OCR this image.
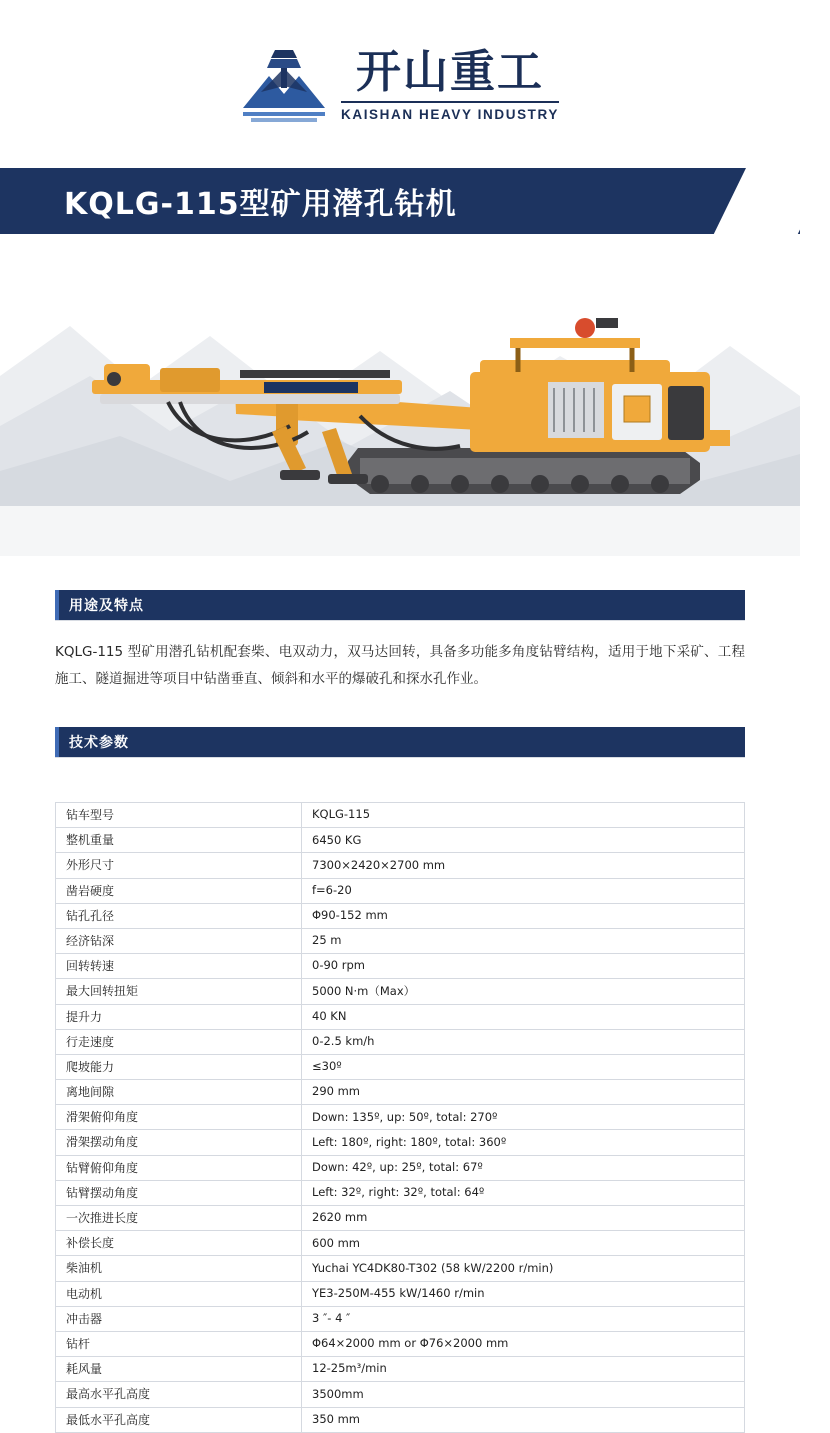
开山重工
KAISHAN HEAVY INDUSTRY
KQLG-115型矿用潜孔钻机
用途及特点

KQLG-115 型矿用潜孔钻机配套柴、电双动力，双马达回转，具备多功能多角度钻臂结构，适用于地下采矿、工程施工、隧道掘进等项目中钻凿垂直、倾斜和水平的爆破孔和探水孔作业。

技术参数
钻车型号	KQLG-115
整机重量	6450 KG
外形尺寸	7300×2420×2700 mm
凿岩硬度	f=6-20
钻孔孔径	Φ90-152 mm
经济钻深	25 m
回转转速	0-90 rpm
最大回转扭矩	5000 N·m（Max）
提升力	40 KN
行走速度	0-2.5 km/h
爬坡能力	≤30º
离地间隙	290 mm
滑架俯仰角度	Down: 135º, up: 50º, total: 270º
滑架摆动角度	Left: 180º, right: 180º, total: 360º
钻臂俯仰角度	Down: 42º, up: 25º, total: 67º
钻臂摆动角度	Left: 32º, right: 32º, total: 64º
一次推进长度	2620 mm
补偿长度	600 mm
柴油机	Yuchai YC4DK80-T302 (58 kW/2200 r/min)
电动机	YE3-250M-455 kW/1460 r/min
冲击器	3 ″- 4 ″
钻杆	Φ64×2000 mm or Φ76×2000 mm
耗风量	12-25m³/min
最高水平孔高度	3500mm
最低水平孔高度	350 mm
